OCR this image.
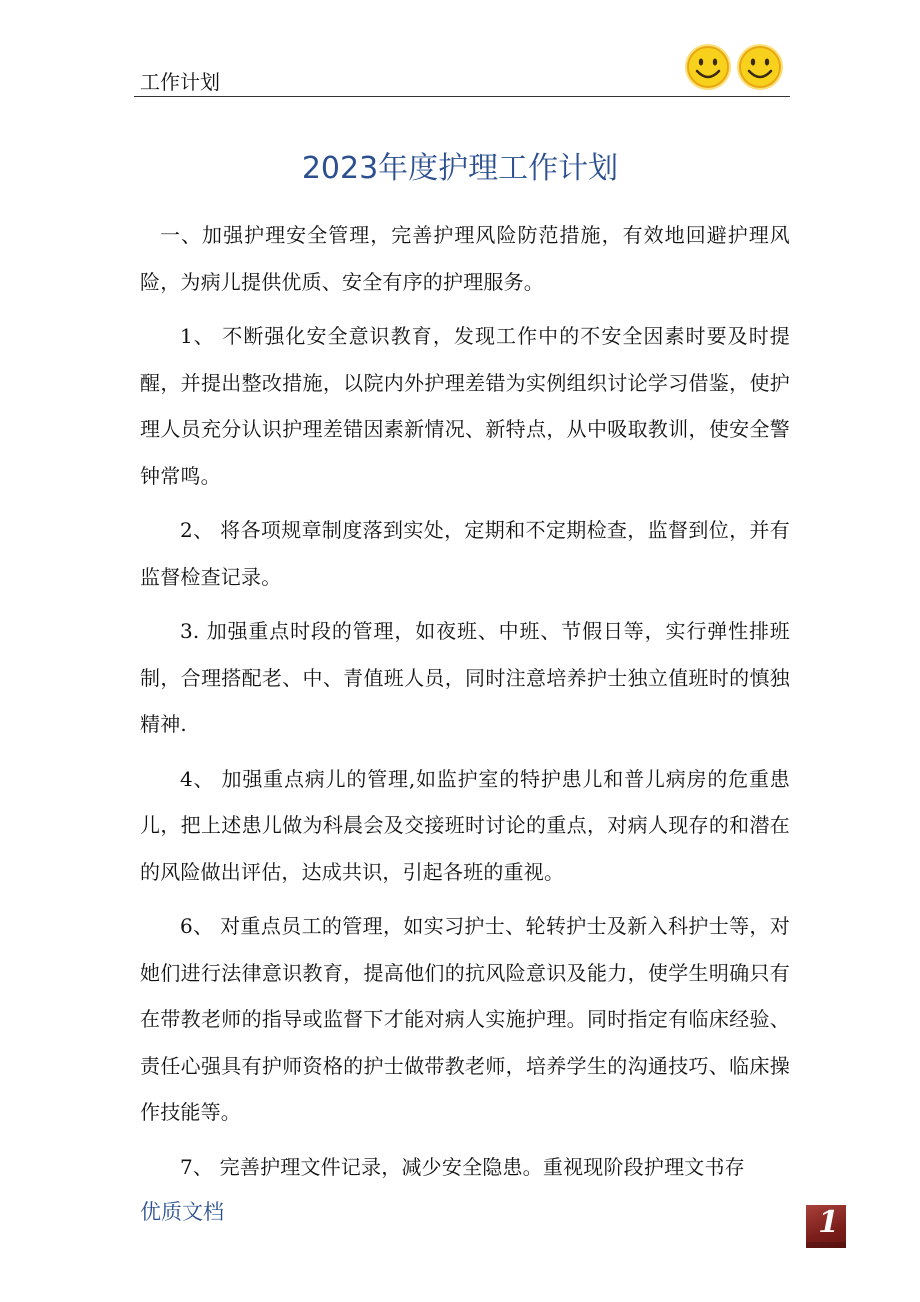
工作计划
2023年度护理工作计划

一、加强护理安全管理，完善护理风险防范措施，有效地回避护理风险，为病儿提供优质、安全有序的护理服务。

1、 不断强化安全意识教育，发现工作中的不安全因素时要及时提醒，并提出整改措施，以院内外护理差错为实例组织讨论学习借鉴，使护理人员充分认识护理差错因素新情况、新特点，从中吸取教训，使安全警钟常鸣。

2、 将各项规章制度落到实处，定期和不定期检查，监督到位，并有监督检查记录。

3. 加强重点时段的管理，如夜班、中班、节假日等，实行弹性排班制，合理搭配老、中、青值班人员，同时注意培养护士独立值班时的慎独精神.

4、 加强重点病儿的管理,如监护室的特护患儿和普儿病房的危重患儿，把上述患儿做为科晨会及交接班时讨论的重点，对病人现存的和潜在的风险做出评估，达成共识，引起各班的重视。

6、 对重点员工的管理，如实习护士、轮转护士及新入科护士等，对她们进行法律意识教育，提高他们的抗风险意识及能力，使学生明确只有在带教老师的指导或监督下才能对病人实施护理。同时指定有临床经验、责任心强具有护师资格的护士做带教老师，培养学生的沟通技巧、临床操作技能等。

7、 完善护理文件记录，减少安全隐患。重视现阶段护理文书存

优质文档	1
